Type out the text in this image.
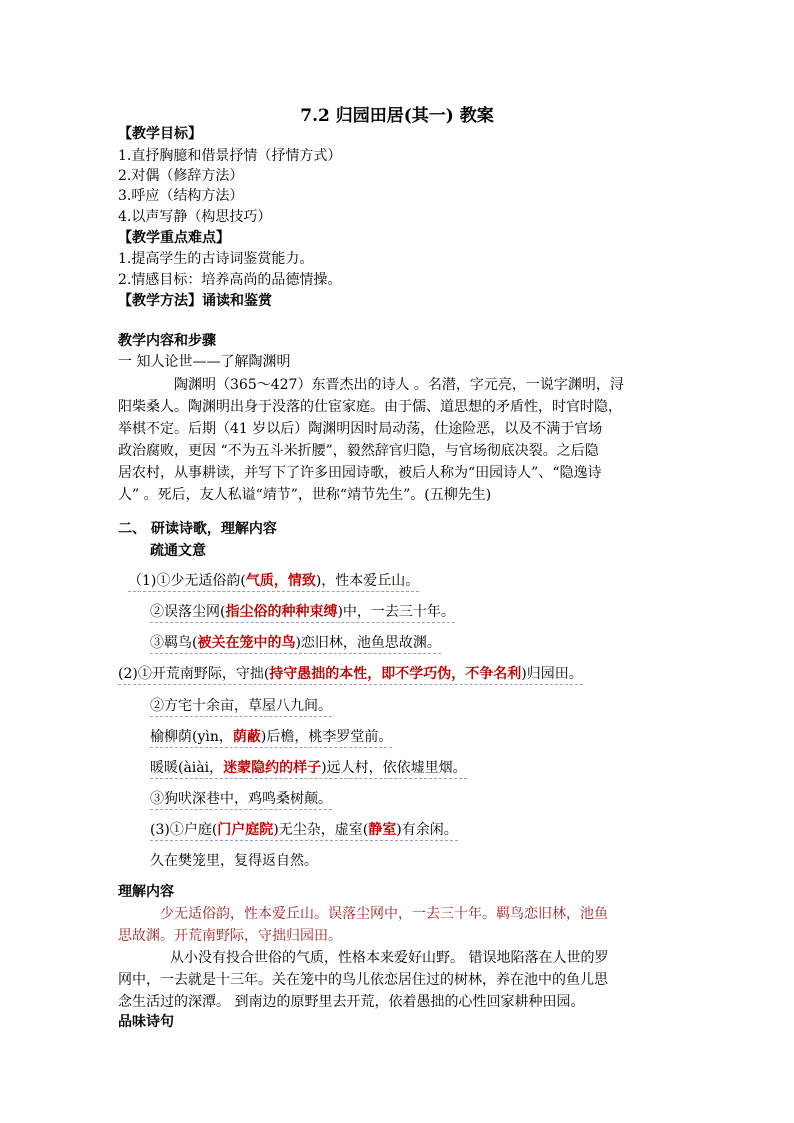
7.2 归园田居(其一) 教案
【教学目标】
1.直抒胸臆和借景抒情（抒情方式）
2.对偶（修辞方法）
3.呼应（结构方法）
4.以声写静（构思技巧）
【教学重点难点】
1.提高学生的古诗词鉴赏能力。
2.情感目标：培养高尚的品德情操。
【教学方法】诵读和鉴赏
教学内容和步骤
一 知人论世——了解陶渊明
陶渊明（365～427）东晋杰出的诗人 。名潜，字元亮，一说字渊明，浔
阳柴桑人。陶渊明出身于没落的仕宦家庭。由于儒、道思想的矛盾性，时官时隐，
举棋不定。后期（41 岁以后）陶渊明因时局动荡，仕途险恶，以及不满于官场
政治腐败，更因 “不为五斗米折腰”，毅然辞官归隐，与官场彻底决裂。之后隐
居农村，从事耕读，并写下了许多田园诗歌，被后人称为“田园诗人”、“隐逸诗
人” 。死后，友人私谥“靖节”，世称“靖节先生”。(五柳先生)
二、 研读诗歌，理解内容
疏通文意
（1)①少无适俗韵(气质，情致)，性本爱丘山。
②误落尘网(指尘俗的种种束缚)中，一去三十年。
③羁鸟(被关在笼中的鸟)恋旧林，池鱼思故渊。
(2)①开荒南野际，守拙(持守愚拙的本性，即不学巧伪，不争名利)归园田。
②方宅十余亩，草屋八九间。
榆柳荫(yìn，荫蔽)后檐，桃李罗堂前。
暖暖(àiài，迷蒙隐约的样子)远人村，依依墟里烟。
③狗吠深巷中，鸡鸣桑树颠。
(3)①户庭(门户庭院)无尘杂，虚室(静室)有余闲。
久在樊笼里，复得返自然。
理解内容
少无适俗韵，性本爱丘山。误落尘网中，一去三十年。羁鸟恋旧林，池鱼
思故渊。开荒南野际，守拙归园田。
从小没有投合世俗的气质，性格本来爱好山野。 错误地陷落在人世的罗
网中，一去就是十三年。关在笼中的鸟儿依恋居住过的树林，养在池中的鱼儿思
念生活过的深潭。 到南边的原野里去开荒，依着愚拙的心性回家耕种田园。
品味诗句
